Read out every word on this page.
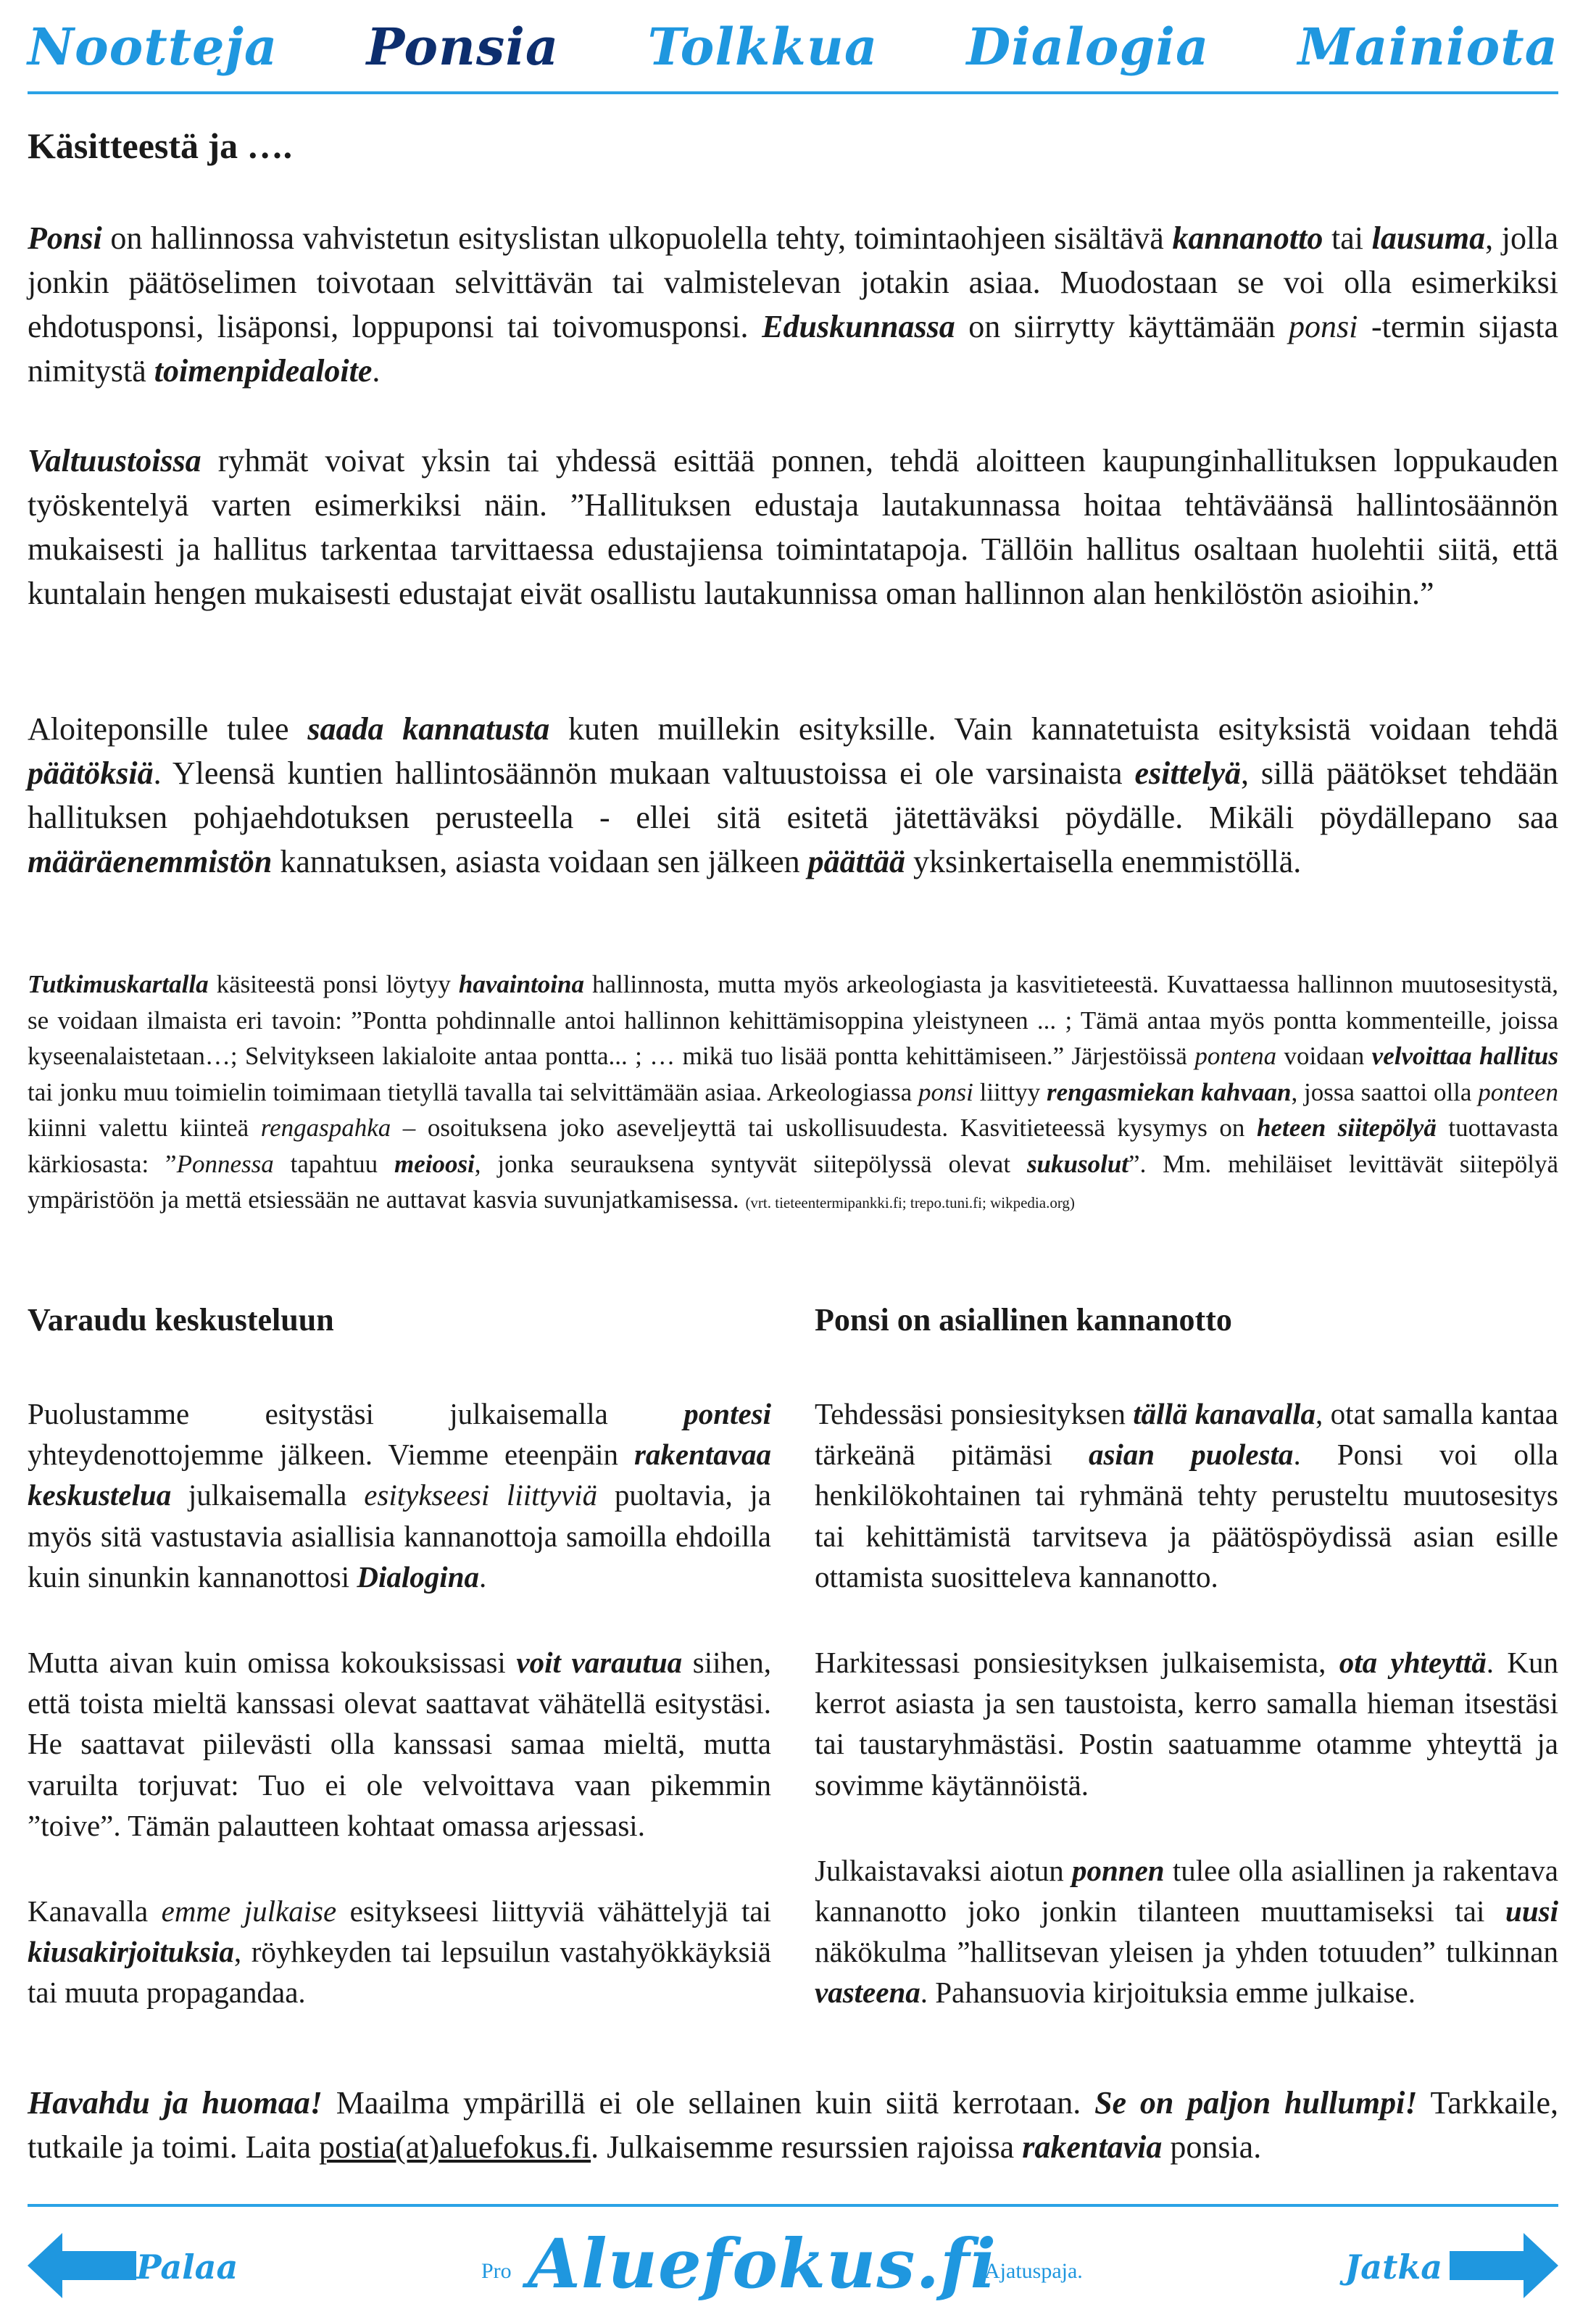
Nootteja Ponsia Tolkkua Dialogia Mainiota
Käsitteestä ja ….

Ponsi on hallinnossa vahvistetun esityslistan ulkopuolella tehty, toimintaohjeen sisältävä kannanotto tai lausuma, jolla jonkin päätöselimen toivotaan selvittävän tai valmistelevan jotakin asiaa. Muodostaan se voi olla esimerkiksi ehdotusponsi, lisäponsi, loppuponsi tai toivomusponsi. Eduskunnassa on siirrytty käyttämään ponsi -termin sijasta nimitystä toimenpidealoite.

Valtuustoissa ryhmät voivat yksin tai yhdessä esittää ponnen, tehdä aloitteen kaupunginhallituksen loppukauden työskentelyä varten esimerkiksi näin. ”Hallituksen edustaja lautakunnassa hoitaa tehtäväänsä hallintosäännön mukaisesti ja hallitus tarkentaa tarvittaessa edustajiensa toimintatapoja. Tällöin hallitus osaltaan huolehtii siitä, että kuntalain hengen mukaisesti edustajat eivät osallistu lautakunnissa oman hallinnon alan henkilöstön asioihin.”

Aloiteponsille tulee saada kannatusta kuten muillekin esityksille. Vain kannatetuista esityksistä voidaan tehdä päätöksiä. Yleensä kuntien hallintosäännön mukaan valtuustoissa ei ole varsinaista esittelyä, sillä päätökset tehdään hallituksen pohjaehdotuksen perusteella - ellei sitä esitetä jätettäväksi pöydälle. Mikäli pöydällepano saa määräenemmistön kannatuksen, asiasta voidaan sen jälkeen päättää yksinkertaisella enemmistöllä.

Tutkimuskartalla käsiteestä ponsi löytyy havaintoina hallinnosta, mutta myös arkeologiasta ja kasvitieteestä. Kuvattaessa hallinnon muutosesitystä, se voidaan ilmaista eri tavoin: ”Pontta pohdinnalle antoi hallinnon kehittämisoppina yleistyneen ... ; Tämä antaa myös pontta kommenteille, joissa kyseenalaistetaan…; Selvitykseen lakialoite antaa pontta... ; … mikä tuo lisää pontta kehittämiseen.” Järjestöissä pontena voidaan velvoittaa hallitus tai jonku muu toimielin toimimaan tietyllä tavalla tai selvittämään asiaa. Arkeologiassa ponsi liittyy rengasmiekan kahvaan, jossa saattoi olla ponteen kiinni valettu kiinteä rengaspahka – osoituksena joko aseveljeyttä tai uskollisuudesta. Kasvitieteessä kysymys on heteen siitepölyä tuottavasta kärkiosasta: ”Ponnessa tapahtuu meioosi, jonka seurauksena syntyvät siitepölyssä olevat sukusolut”. Mm. mehiläiset levittävät siitepölyä ympäristöön ja mettä etsiessään ne auttavat kasvia suvunjatkamisessa. (vrt. tieteentermipankki.fi; trepo.tuni.fi; wikpedia.org)

Varaudu keskusteluun

Puolustamme esitystäsi julkaisemalla pontesi yhteydenottojemme jälkeen. Viemme eteenpäin rakentavaa keskustelua julkaisemalla esitykseesi liittyviä puoltavia, ja myös sitä vastustavia asiallisia kannanottoja samoilla ehdoilla kuin sinunkin kannanottosi Dialogina.

Mutta aivan kuin omissa kokouksissasi voit varautua siihen, että toista mieltä kanssasi olevat saattavat vähätellä esitystäsi. He saattavat piilevästi olla kanssasi samaa mieltä, mutta varuilta torjuvat: Tuo ei ole velvoittava vaan pikemmin ”toive”. Tämän palautteen kohtaat omassa arjessasi.

Kanavalla emme julkaise esitykseesi liittyviä vähättelyjä tai kiusakirjoituksia, röyhkeyden tai lepsuilun vastahyökkäyksiä tai muuta propagandaa.

Ponsi on asiallinen kannanotto

Tehdessäsi ponsiesityksen tällä kanavalla, otat samalla kantaa tärkeänä pitämäsi asian puolesta. Ponsi voi olla henkilökohtainen tai ryhmänä tehty perusteltu muutosesitys tai kehittämistä tarvitseva ja päätöspöydissä asian esille ottamista suositteleva kannanotto.

Harkitessasi ponsiesityksen julkaisemista, ota yhteyttä. Kun kerrot asiasta ja sen taustoista, kerro samalla hieman itsestäsi tai taustaryhmästäsi. Postin saatuamme otamme yhteyttä ja sovimme käytännöistä.

Julkaistavaksi aiotun ponnen tulee olla asiallinen ja rakentava kannanotto joko jonkin tilanteen muuttamiseksi tai uusi näkökulma ”hallitsevan yleisen ja yhden totuuden” tulkinnan vasteena. Pahansuovia kirjoituksia emme julkaise.

Havahdu ja huomaa! Maailma ympärillä ei ole sellainen kuin siitä kerrotaan. Se on paljon hullumpi! Tarkkaile, tutkaile ja toimi. Laita postia(at)aluefokus.fi. Julkaisemme resurssien rajoissa rakentavia ponsia.

Palaa	Pro Aluefokus.fi
Ajatuspaja.	Jatka
